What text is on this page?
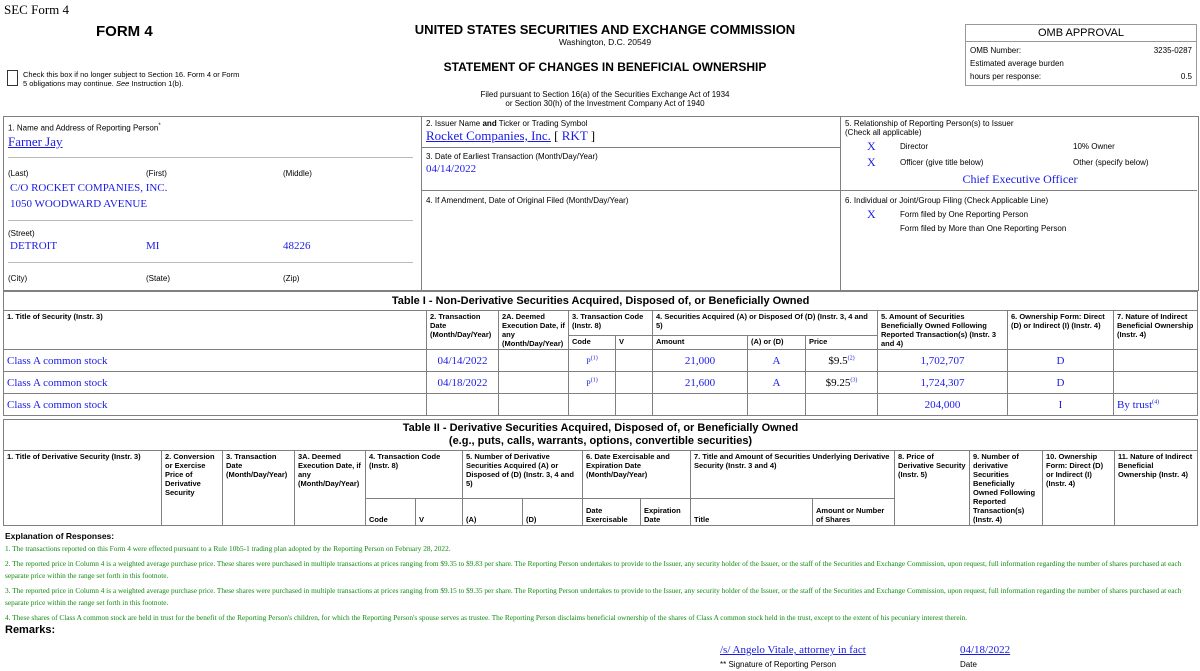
SEC Form 4
FORM 4
Check this box if no longer subject to Section 16. Form 4 or Form
5 obligations may continue. See Instruction 1(b).
UNITED STATES SECURITIES AND EXCHANGE COMMISSION
Washington, D.C. 20549
STATEMENT OF CHANGES IN BENEFICIAL OWNERSHIP
Filed pursuant to Section 16(a) of the Securities Exchange Act of 1934
or Section 30(h) of the Investment Company Act of 1940
OMB APPROVAL
OMB Number:	3235-0287
Estimated average burden
hours per response:	0.5
1. Name and Address of Reporting Person*
Farner Jay
(Last)	(First)	(Middle)
C/O ROCKET COMPANIES, INC.
1050 WOODWARD AVENUE
(Street)
DETROIT	MI	48226
(City)	(State)	(Zip)
2. Issuer Name and Ticker or Trading Symbol
Rocket Companies, Inc. [ RKT ]
3. Date of Earliest Transaction (Month/Day/Year)
04/14/2022
4. If Amendment, Date of Original Filed (Month/Day/Year)
5. Relationship of Reporting Person(s) to Issuer
(Check all applicable)
X	Director	10% Owner
X	Officer (give title below)	Other (specify below)
Chief Executive Officer
6. Individual or Joint/Group Filing (Check Applicable Line)
X	Form filed by One Reporting Person
Form filed by More than One Reporting Person
Table I - Non-Derivative Securities Acquired, Disposed of, or Beneficially Owned										
1. Title of Security (Instr. 3)	2. Transaction Date (Month/Day/Year)	2A. Deemed Execution Date, if any (Month/Day/Year)	3. Transaction Code (Instr. 8)		4. Securities Acquired (A) or Disposed Of (D) (Instr. 3, 4 and 5)			5. Amount of Securities Beneficially Owned Following Reported Transaction(s) (Instr. 3 and 4)	6. Ownership Form: Direct (D) or Indirect (I) (Instr. 4)	7. Nature of Indirect Beneficial Ownership (Instr. 4)
			Code	V	Amount	(A) or (D)	Price			
Class A common stock	04/14/2022		$P^{(1)}$		21,000	A	$9.5$^{(2)}$	1,702,707	D	
Class A common stock	04/18/2022		$P^{(1)}$		21,600	A	$9.25$^{(3)}$	1,724,307	D	
Class A common stock								204,000	I	By trust$^{(4)}$
Table II - Derivative Securities Acquired, Disposed of, or Beneficially Owned
(e.g., puts, calls, warrants, options, convertible securities)															

1. Title of Derivative Security (Instr. 3)	2. Conversion or Exercise Price of Derivative Security	3. Transaction Date (Month/Day/Year)	3A. Deemed Execution Date, if any (Month/Day/Year)	4. Transaction Code (Instr. 8)		5. Number of Derivative Securities Acquired (A) or Disposed of (D) (Instr. 3, 4 and 5)		6. Date Exercisable and Expiration Date (Month/Day/Year)		7. Title and Amount of Securities Underlying Derivative Security (Instr. 3 and 4)		8. Price of Derivative Security (Instr. 5)	9. Number of derivative Securities Beneficially Owned Following Reported Transaction(s) (Instr. 4)	10. Ownership Form: Direct (D) or Indirect (I) (Instr. 4)	11. Nature of Indirect Beneficial Ownership (Instr. 4)
				Code	V	(A)	(D)	Date Exercisable	Expiration Date	Title	Amount or Number of Shares				
Explanation of Responses:
1. The transactions reported on this Form 4 were effected pursuant to a Rule 10b5-1 trading plan adopted by the Reporting Person on February 28, 2022.
2. The reported price in Column 4 is a weighted average purchase price. These shares were purchased in multiple transactions at prices ranging from $9.35 to $9.83 per share. The Reporting Person undertakes to provide to the Issuer, any security holder of the Issuer, or the staff of the Securities and Exchange Commission, upon request, full information regarding the number of shares purchased at each separate price within the range set forth in this footnote.
3. The reported price in Column 4 is a weighted average purchase price. These shares were purchased in multiple transactions at prices ranging from $9.15 to $9.35 per share. The Reporting Person undertakes to provide to the Issuer, any security holder of the Issuer, or the staff of the Securities and Exchange Commission, upon request, full information regarding the number of shares purchased at each separate price within the range set forth in this footnote.
4. These shares of Class A common stock are held in trust for the benefit of the Reporting Person's children, for which the Reporting Person's spouse serves as trustee. The Reporting Person disclaims beneficial ownership of the shares of Class A common stock held in the trust, except to the extent of his pecuniary interest therein.
Remarks:
/s/ Angelo Vitale, attorney in fact
** Signature of Reporting Person
04/18/2022
Date
